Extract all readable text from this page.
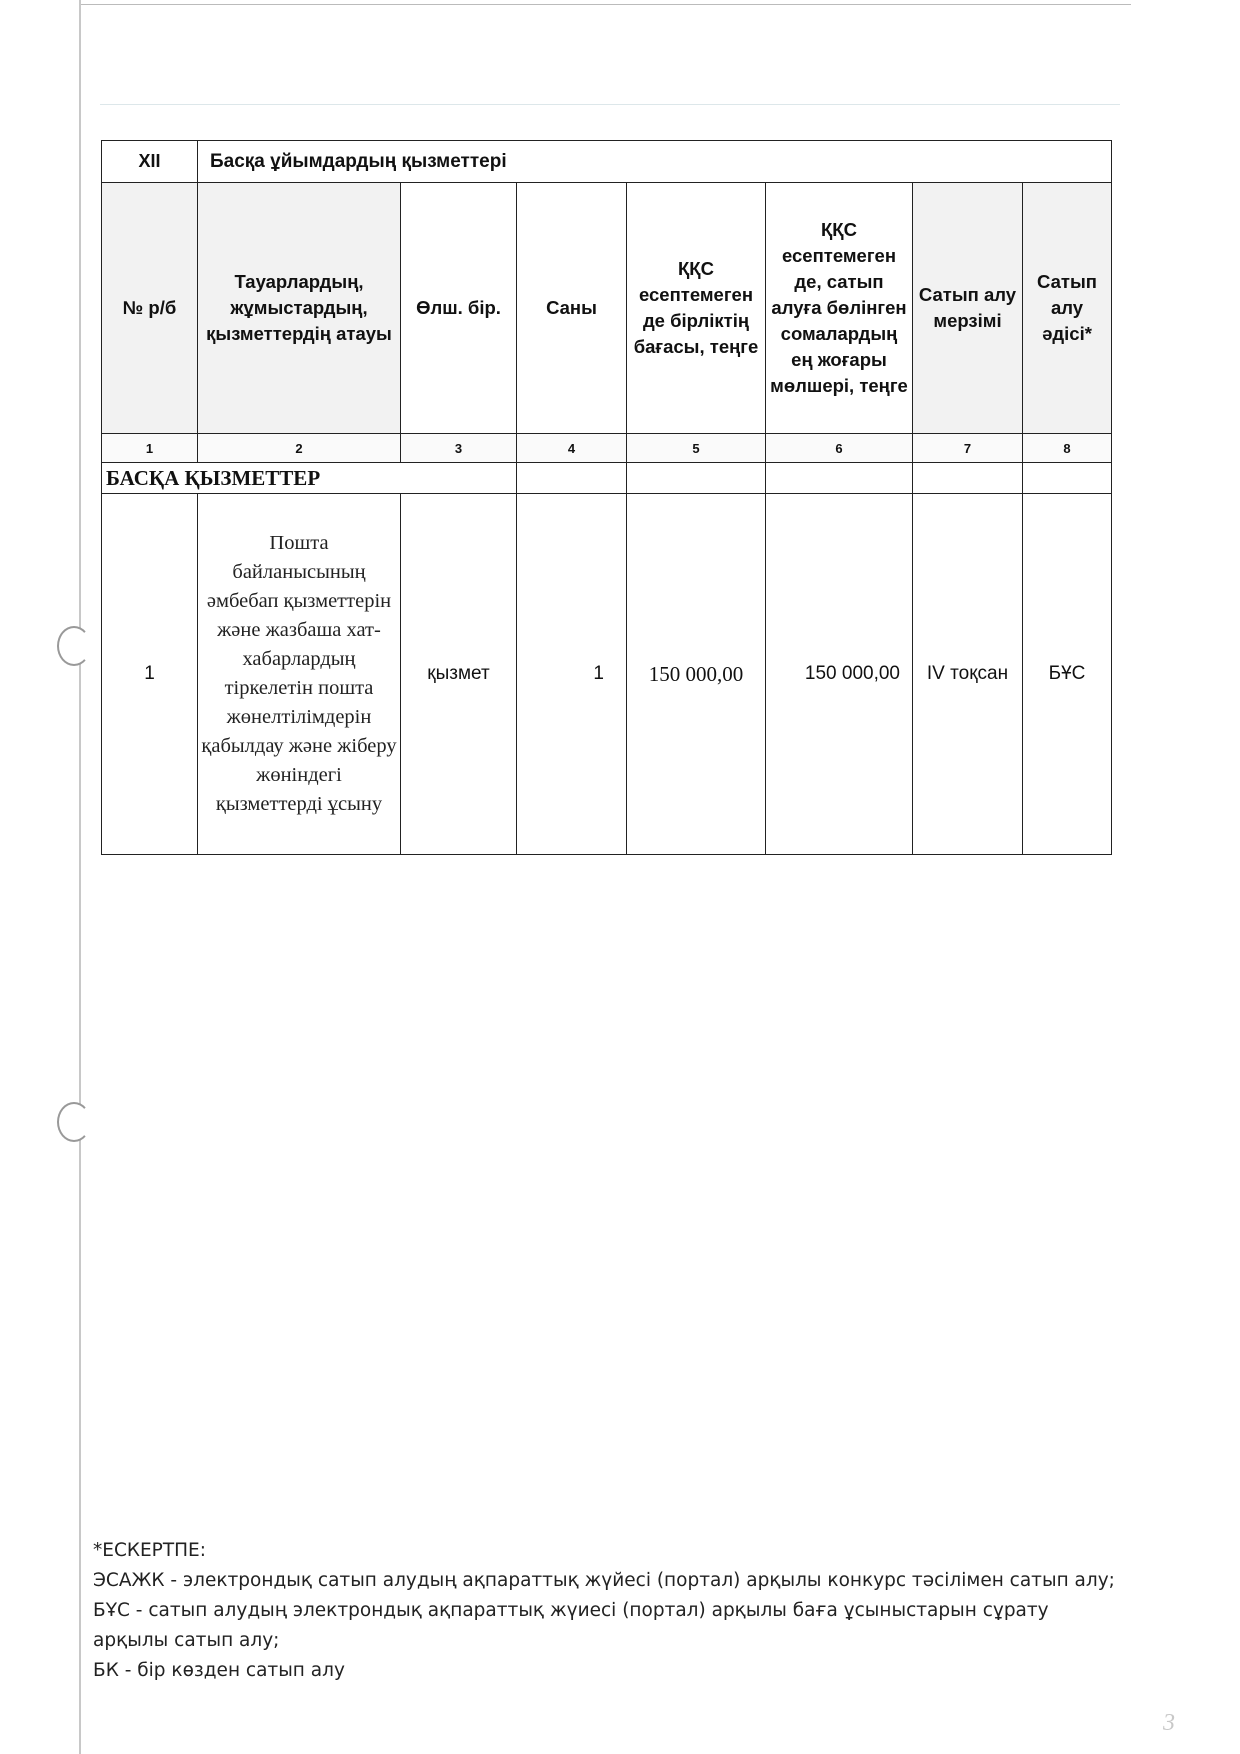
XII	Басқа ұйымдардың қызметтері						
№ р/б	Тауарлардың, жұмыстардың, қызметтердің атауы	Өлш. бір.	Саны	ҚҚС есептемеген де бірліктің бағасы, теңге	ҚҚС есептемеген де, сатып алуға бөлінген сомалардың ең жоғары мөлшері, теңге	Сатып алу мерзімі	Сатып алу әдісі*
1	2	3	4	5	6	7	8
БАСҚА ҚЫЗМЕТТЕР							
1	Пошта байланысының әмбебап қызметтерін және жазбаша хат-хабарлардың тіркелетін пошта жөнелтілімдерін қабылдау және жіберу жөніндегі қызметтерді ұсыну	қызмет	1	150 000,00	150 000,00	IV тоқсан	БҰС
*ЕСКЕРТПЕ:
ЭСАЖК - электрондық сатып алудың ақпараттық жүйесі (портал) арқылы конкурс тәсілімен сатып алу;
БҰС - сатып алудың электрондық ақпараттық жүиесі (портал) арқылы баға ұсыныстарын сұрату арқылы сатып алу;
БК - бір көзден сатып алу
3
